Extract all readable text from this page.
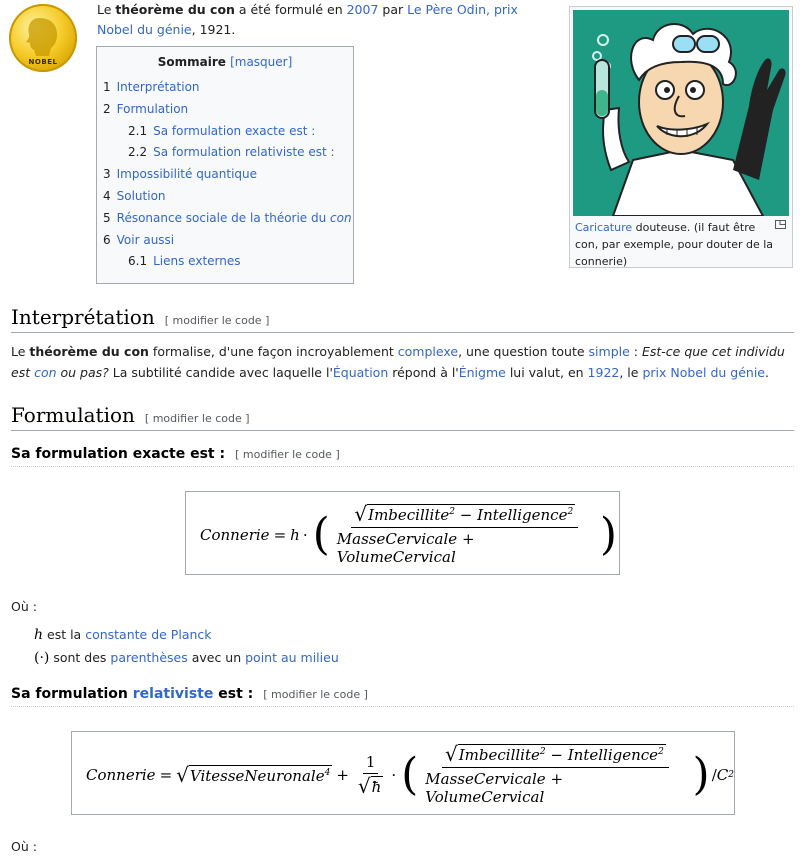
NOBEL
Le théorème du con a été formulé en 2007 par Le Père Odin, prix Nobel du génie, 1921.
Sommaire [masquer]
1 Interprétation
2 Formulation
2.1 Sa formulation exacte est :
2.2 Sa formulation relativiste est :
3 Impossibilité quantique
4 Solution
5 Résonance sociale de la théorie du con
6 Voir aussi
6.1 Liens externes
Caricature douteuse. (il faut être con, par exemple, pour douter de la connerie)
Interprétation [ modifier le code ]
Le théorème du con formalise, d'une façon incroyablement complexe, une question toute simple : Est-ce que cet individu est con ou pas? La subtilité candide avec laquelle l'Équation répond à l'Énigme lui valut, en 1922, le prix Nobel du génie.
Formulation [ modifier le code ]
Sa formulation exacte est : [ modifier le code ]
Connerie = h · ( $\frac{√ Imbecillite^2 - Intelligence^2}{\text{MasseCervicale + VolumeCervical}}$ )
Où :
h est la constante de Planck
(·) sont des parenthèses avec un point au milieu
Sa formulation relativiste est : [ modifier le code ]
Connerie = √ VitesseNeuronale$^4$ + $\frac{1}{√ ħ}$ · ( $\frac{√ Imbecillite^2 - Intelligence^2}{\text{MasseCervicale + VolumeCervical}}$ ) / C 2
Où :
